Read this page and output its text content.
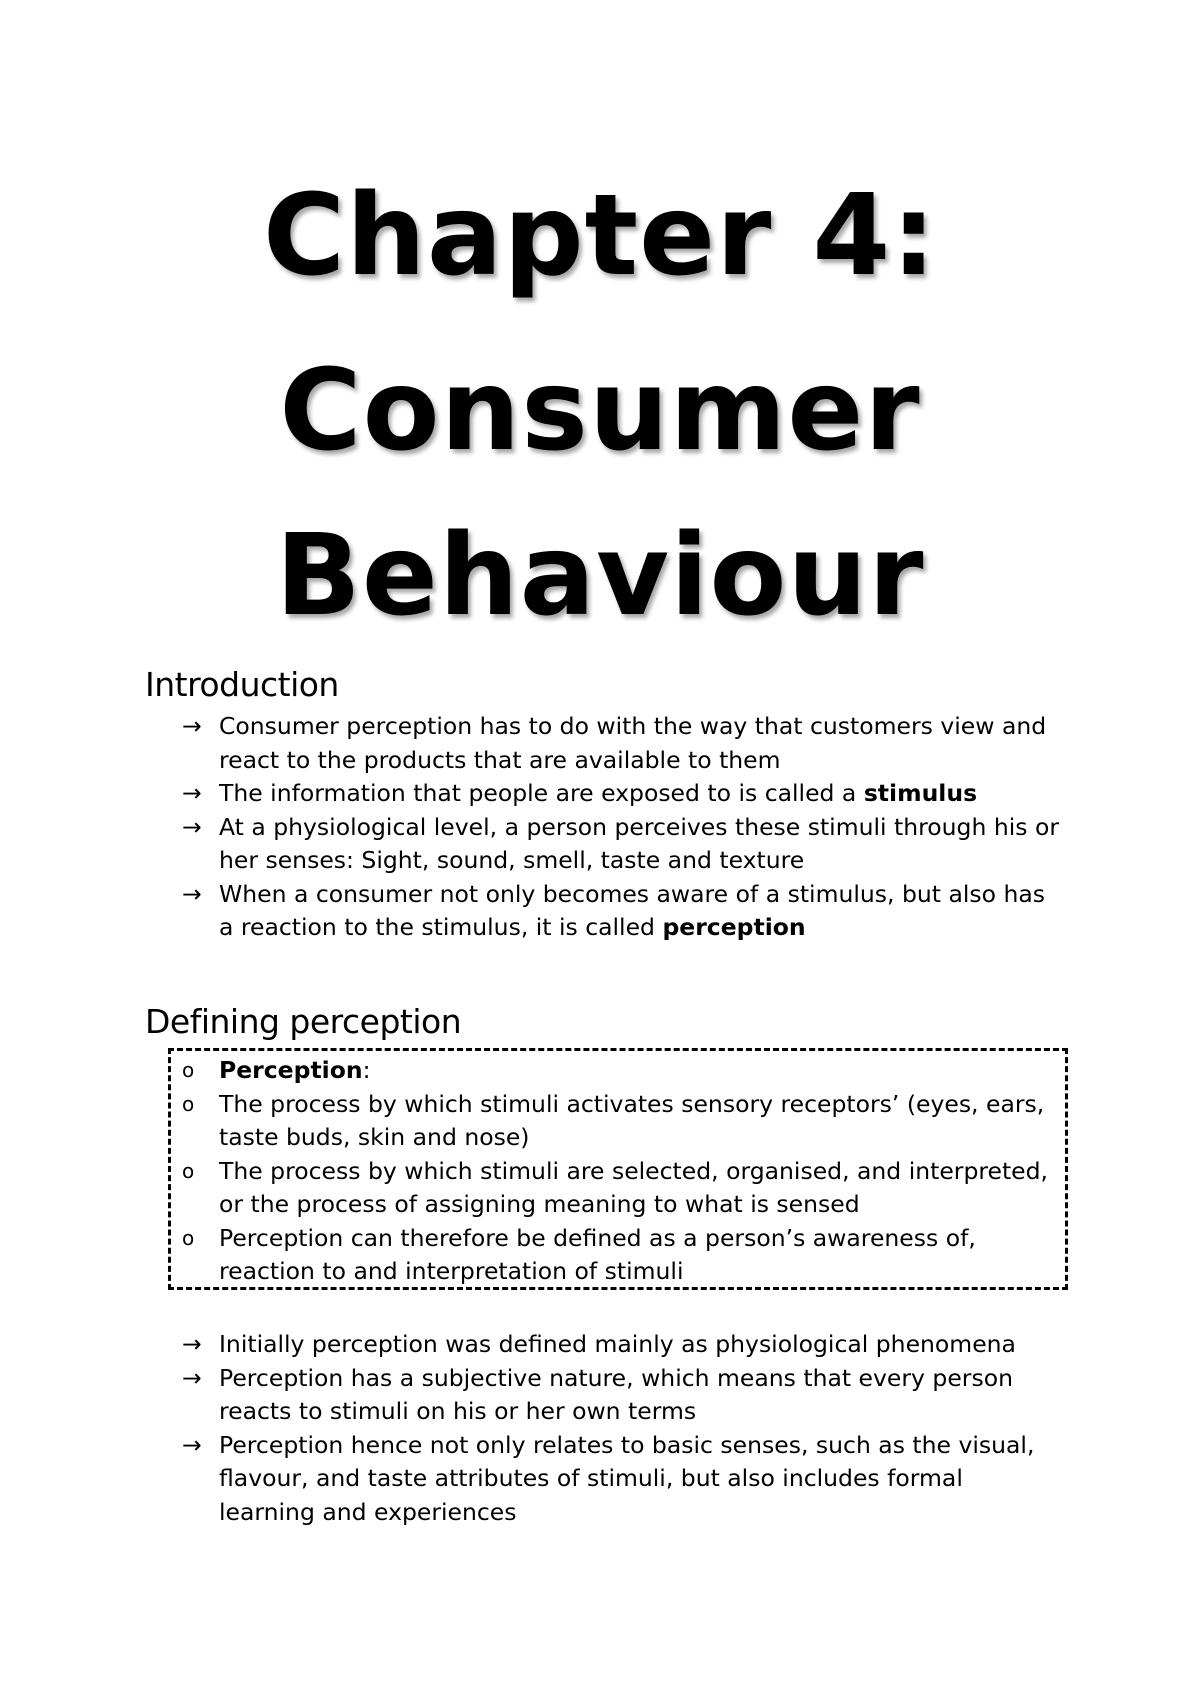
Chapter 4:
Consumer
Behaviour
Introduction
→ Consumer perception has to do with the way that customers view and react to the products that are available to them
→ The information that people are exposed to is called a stimulus
→ At a physiological level, a person perceives these stimuli through his or her senses: Sight, sound, smell, taste and texture
→ When a consumer not only becomes aware of a stimulus, but also has a reaction to the stimulus, it is called perception
Defining perception
o Perception:
o The process by which stimuli activates sensory receptors’ (eyes, ears, taste buds, skin and nose)
o The process by which stimuli are selected, organised, and interpreted, or the process of assigning meaning to what is sensed
o Perception can therefore be defined as a person’s awareness of, reaction to and interpretation of stimuli
→ Initially perception was defined mainly as physiological phenomena
→ Perception has a subjective nature, which means that every person reacts to stimuli on his or her own terms
→ Perception hence not only relates to basic senses, such as the visual, flavour, and taste attributes of stimuli, but also includes formal learning and experiences
